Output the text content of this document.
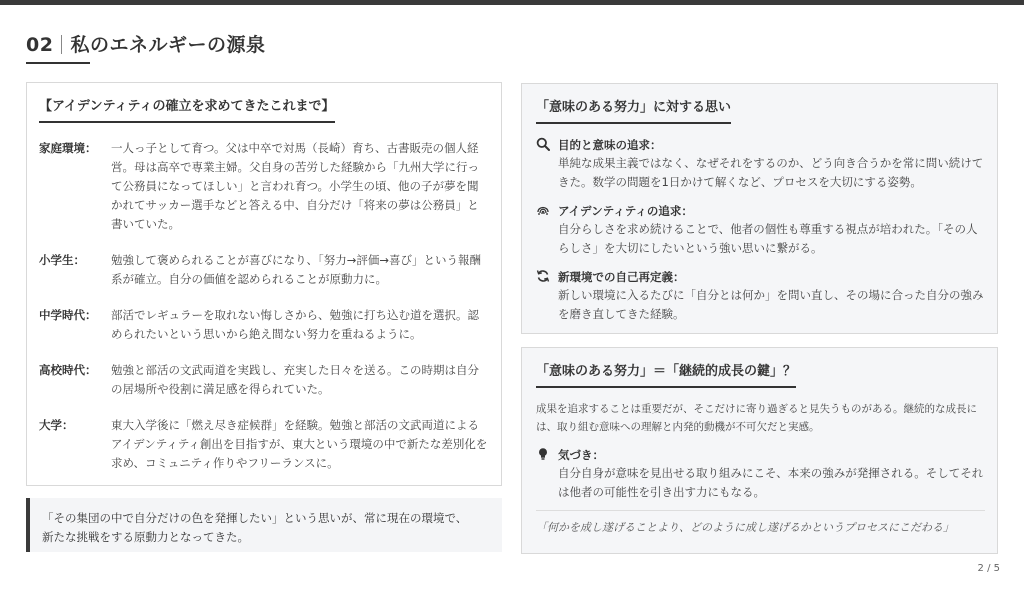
02 私のエネルギーの源泉
【アイデンティティの確立を求めてきたこれまで】
家庭環境：	一人っ子として育つ。父は中卒で対馬（長崎）育ち、古書販売の個人経営。母は高卒で専業主婦。父自身の苦労した経験から「九州大学に行って公務員になってほしい」と言われ育つ。小学生の頃、他の子が夢を聞かれてサッカー選手などと答える中、自分だけ「将来の夢は公務員」と書いていた。
小学生：	勉強して褒められることが喜びになり、「努力→評価→喜び」という報酬系が確立。自分の価値を認められることが原動力に。
中学時代：	部活でレギュラーを取れない悔しさから、勉強に打ち込む道を選択。認められたいという思いから絶え間ない努力を重ねるように。
高校時代：	勉強と部活の文武両道を実践し、充実した日々を送る。この時期は自分の居場所や役割に満足感を得られていた。
大学：	東大入学後に「燃え尽き症候群」を経験。勉強と部活の文武両道によるアイデンティティ創出を目指すが、東大という環境の中で新たな差別化を求め、コミュニティ作りやフリーランスに。
「その集団の中で自分だけの色を発揮したい」という思いが、常に現在の環境で、
新たな挑戦をする原動力となってきた。
「意味のある努力」に対する思い
目的と意味の追求：
単純な成果主義ではなく、なぜそれをするのか、どう向き合うかを常に問い続けてきた。数学の問題を1日かけて解くなど、プロセスを大切にする姿勢。
アイデンティティの追求：
自分らしさを求め続けることで、他者の個性も尊重する視点が培われた。「その人らしさ」を大切にしたいという強い思いに繋がる。
新環境での自己再定義：
新しい環境に入るたびに「自分とは何か」を問い直し、その場に合った自分の強みを磨き直してきた経験。
「意味のある努力」＝「継続的成長の鍵」？
成果を追求することは重要だが、そこだけに寄り過ぎると見失うものがある。継続的な成長には、取り組む意味への理解と内発的動機が不可欠だと実感。
気づき：
自分自身が意味を見出せる取り組みにこそ、本来の強みが発揮される。そしてそれは他者の可能性を引き出す力にもなる。
「何かを成し遂げることより、どのように成し遂げるかというプロセスにこだわる」
2 / 5
